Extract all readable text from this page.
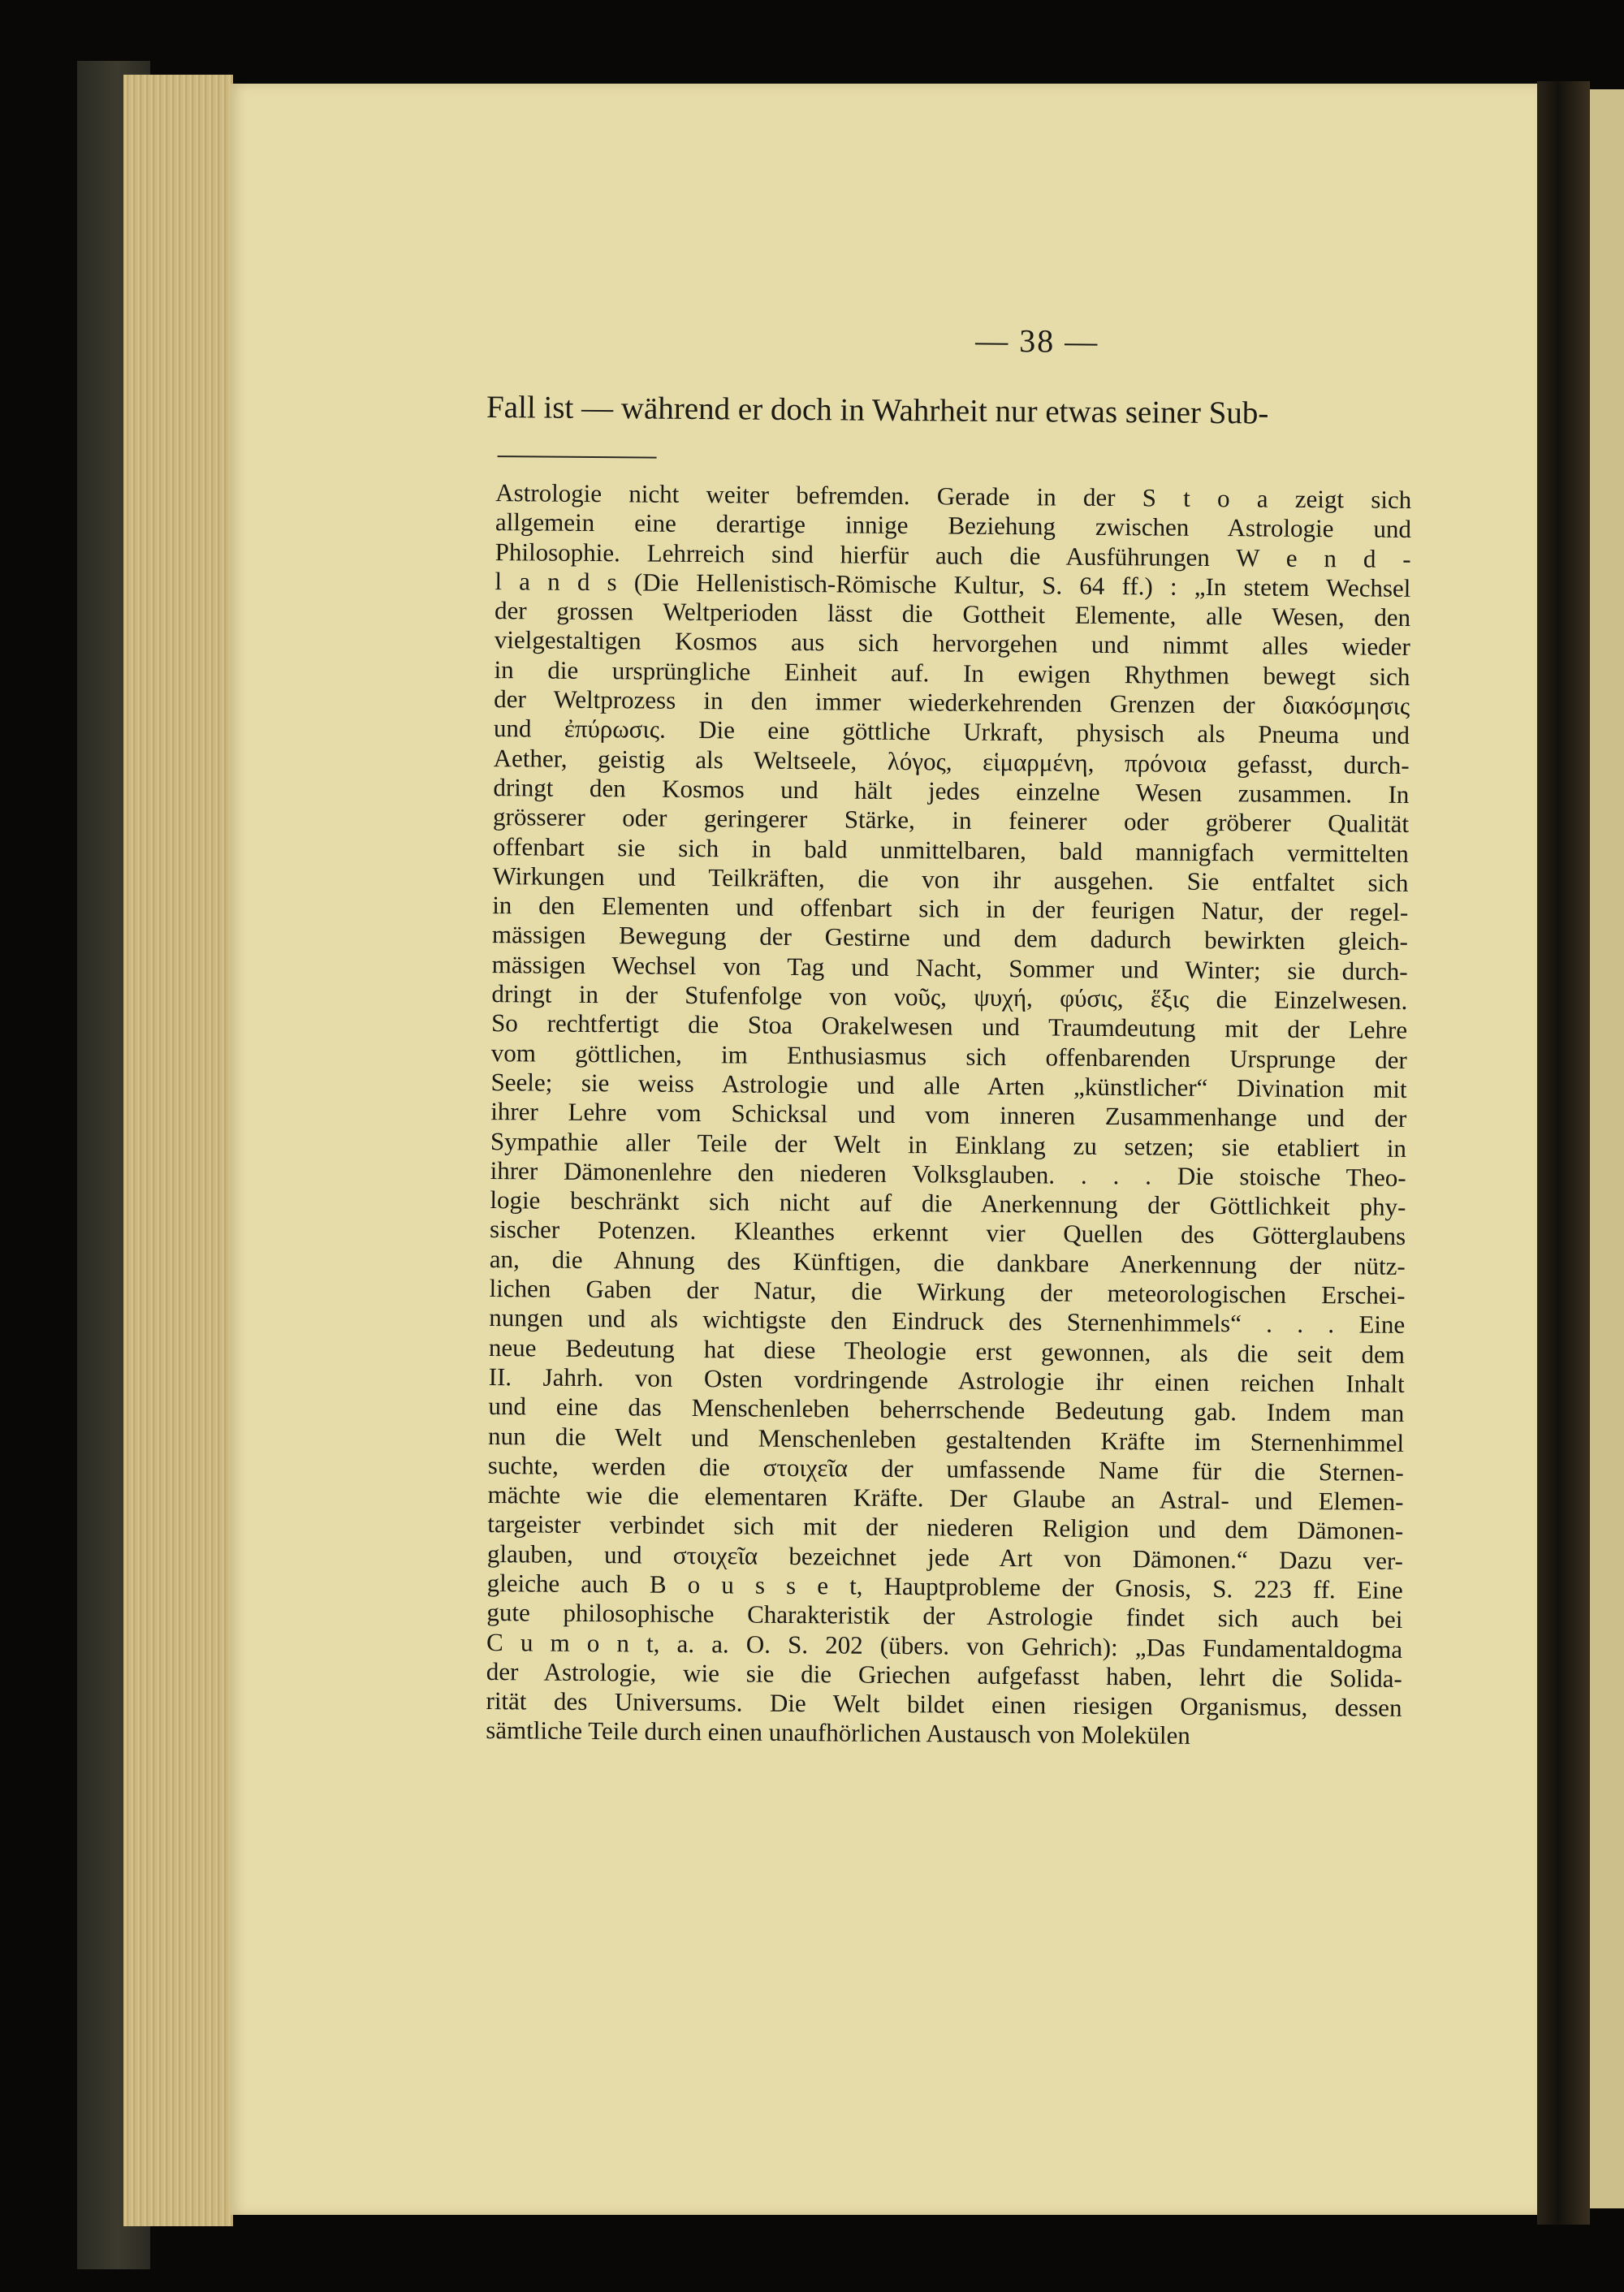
— 38 —

Fall ist — während er doch in Wahrheit nur etwas seiner Sub-

Astrologie nicht weiter befremden. Gerade in der S t o a zeigt sich

allgemein eine derartige innige Beziehung zwischen Astrologie und

Philosophie. Lehrreich sind hierfür auch die Ausführungen W e n d -

l a n d s (Die Hellenistisch-Römische Kultur, S. 64 ff.) : „In stetem Wechsel

der grossen Weltperioden lässt die Gottheit Elemente, alle Wesen, den

vielgestaltigen Kosmos aus sich hervorgehen und nimmt alles wieder

in die ursprüngliche Einheit auf. In ewigen Rhythmen bewegt sich

der Weltprozess in den immer wiederkehrenden Grenzen der διακόσμησις

und ἐπύρωσις. Die eine göttliche Urkraft, physisch als Pneuma und

Aether, geistig als Weltseele, λόγος, εἱμαρμένη, πρόνοια gefasst, durch-

dringt den Kosmos und hält jedes einzelne Wesen zusammen. In

grösserer oder geringerer Stärke, in feinerer oder gröberer Qualität

offenbart sie sich in bald unmittelbaren, bald mannigfach vermittelten

Wirkungen und Teilkräften, die von ihr ausgehen. Sie entfaltet sich

in den Elementen und offenbart sich in der feurigen Natur, der regel-

mässigen Bewegung der Gestirne und dem dadurch bewirkten gleich-

mässigen Wechsel von Tag und Nacht, Sommer und Winter; sie durch-

dringt in der Stufenfolge von νοῦς, ψυχή, φύσις, ἕξις die Einzelwesen.

So rechtfertigt die Stoa Orakelwesen und Traumdeutung mit der Lehre

vom göttlichen, im Enthusiasmus sich offenbarenden Ursprunge der

Seele; sie weiss Astrologie und alle Arten „künstlicher“ Divination mit

ihrer Lehre vom Schicksal und vom inneren Zusammenhange und der

Sympathie aller Teile der Welt in Einklang zu setzen; sie etabliert in

ihrer Dämonenlehre den niederen Volksglauben. . . . Die stoische Theo-

logie beschränkt sich nicht auf die Anerkennung der Göttlichkeit phy-

sischer Potenzen. Kleanthes erkennt vier Quellen des Götterglaubens

an, die Ahnung des Künftigen, die dankbare Anerkennung der nütz-

lichen Gaben der Natur, die Wirkung der meteorologischen Erschei-

nungen und als wichtigste den Eindruck des Sternenhimmels“ . . . Eine

neue Bedeutung hat diese Theologie erst gewonnen, als die seit dem

II. Jahrh. von Osten vordringende Astrologie ihr einen reichen Inhalt

und eine das Menschenleben beherrschende Bedeutung gab. Indem man

nun die Welt und Menschenleben gestaltenden Kräfte im Sternenhimmel

suchte, werden die στοιχεῖα der umfassende Name für die Sternen-

mächte wie die elementaren Kräfte. Der Glaube an Astral- und Elemen-

targeister verbindet sich mit der niederen Religion und dem Dämonen-

glauben, und στοιχεῖα bezeichnet jede Art von Dämonen.“ Dazu ver-

gleiche auch B o u s s e t, Hauptprobleme der Gnosis, S. 223 ff. Eine

gute philosophische Charakteristik der Astrologie findet sich auch bei

C u m o n t, a. a. O. S. 202 (übers. von Gehrich): „Das Fundamentaldogma

der Astrologie, wie sie die Griechen aufgefasst haben, lehrt die Solida-

rität des Universums. Die Welt bildet einen riesigen Organismus, dessen

sämtliche Teile durch einen unaufhörlichen Austausch von Molekülen
